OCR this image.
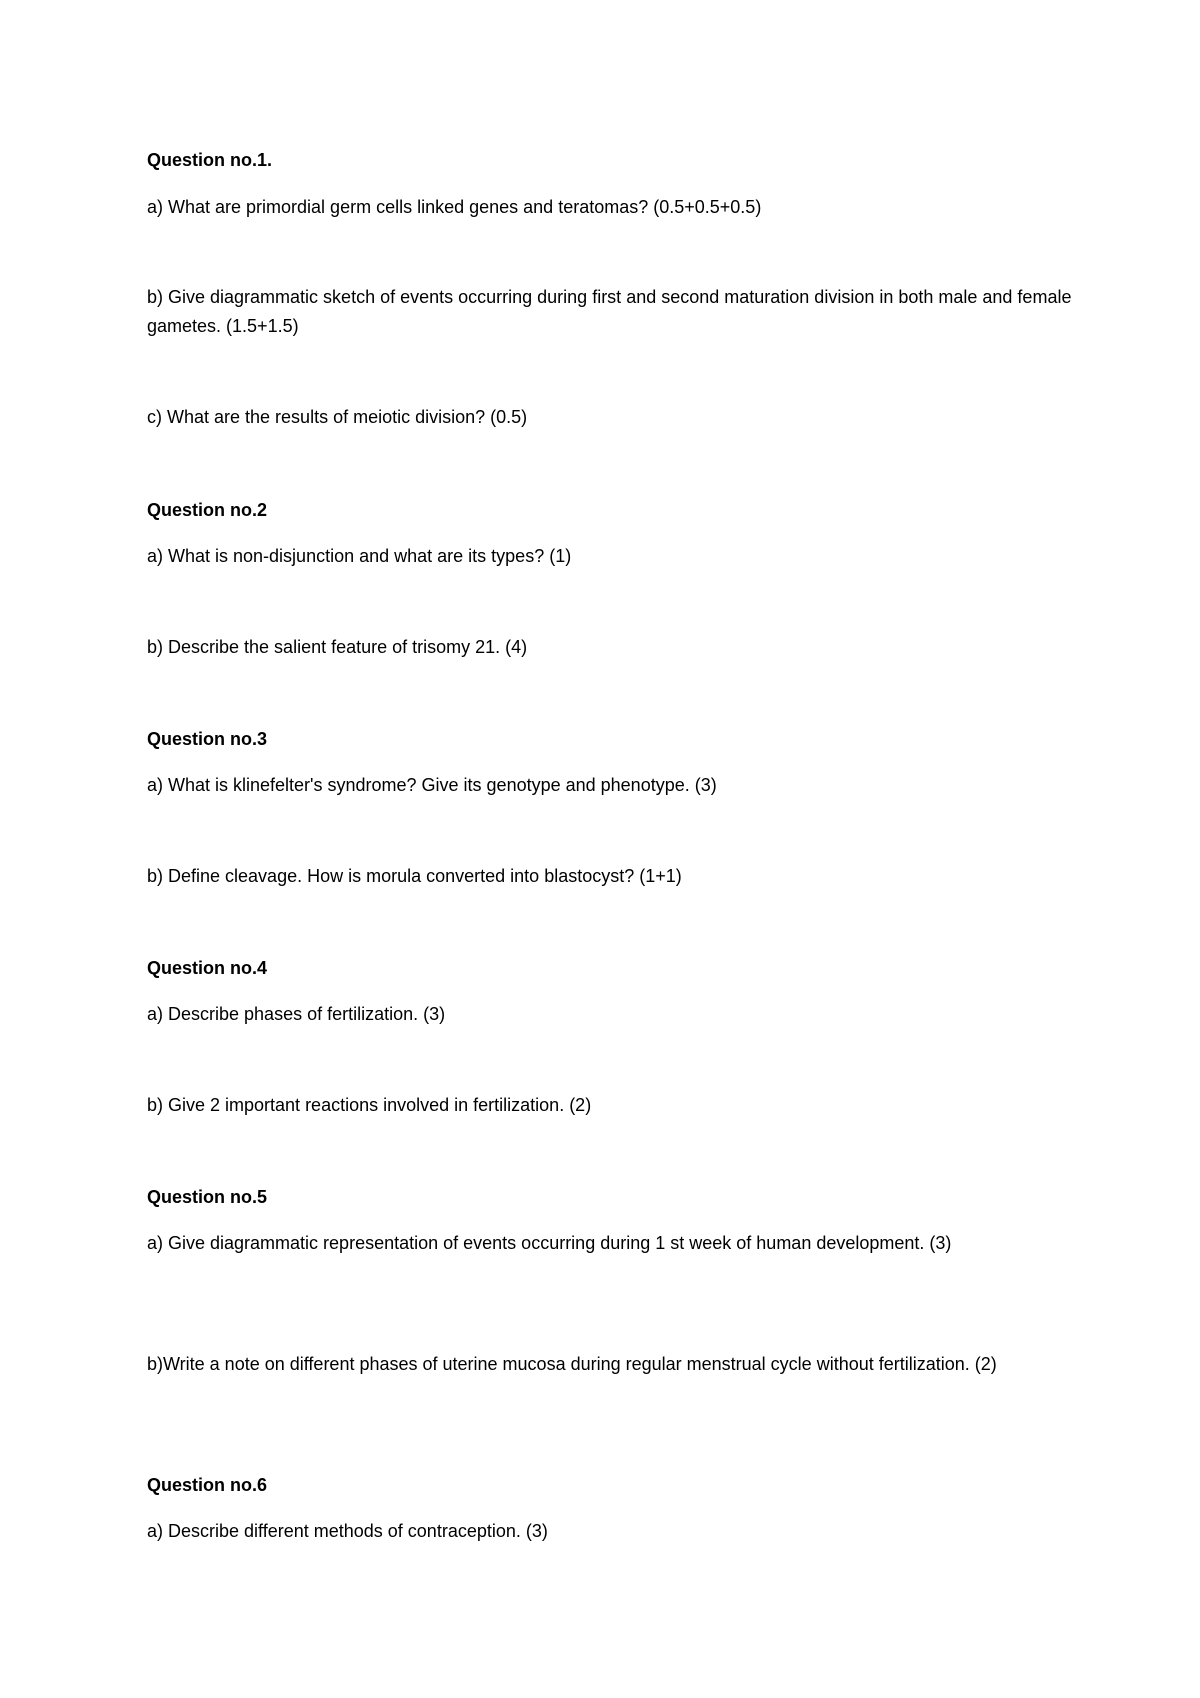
Question no.1.
a) What are primordial germ cells linked genes and teratomas? (0.5+0.5+0.5)
b) Give diagrammatic sketch of events occurring during first and second maturation division in both male and female gametes. (1.5+1.5)
c) What are the results of meiotic division? (0.5)
Question no.2
a) What is non-disjunction and what are its types? (1)
b) Describe the salient feature of trisomy 21. (4)
Question no.3
a) What is klinefelter's syndrome? Give its genotype and phenotype. (3)
b) Define cleavage. How is morula converted into blastocyst? (1+1)
Question no.4
a) Describe phases of fertilization. (3)
b) Give 2 important reactions involved in fertilization. (2)
Question no.5
a) Give diagrammatic representation of events occurring during 1 st week of human development. (3)
b)Write a note on different phases of uterine mucosa during regular menstrual cycle without fertilization. (2)
Question no.6
a) Describe different methods of contraception. (3)
